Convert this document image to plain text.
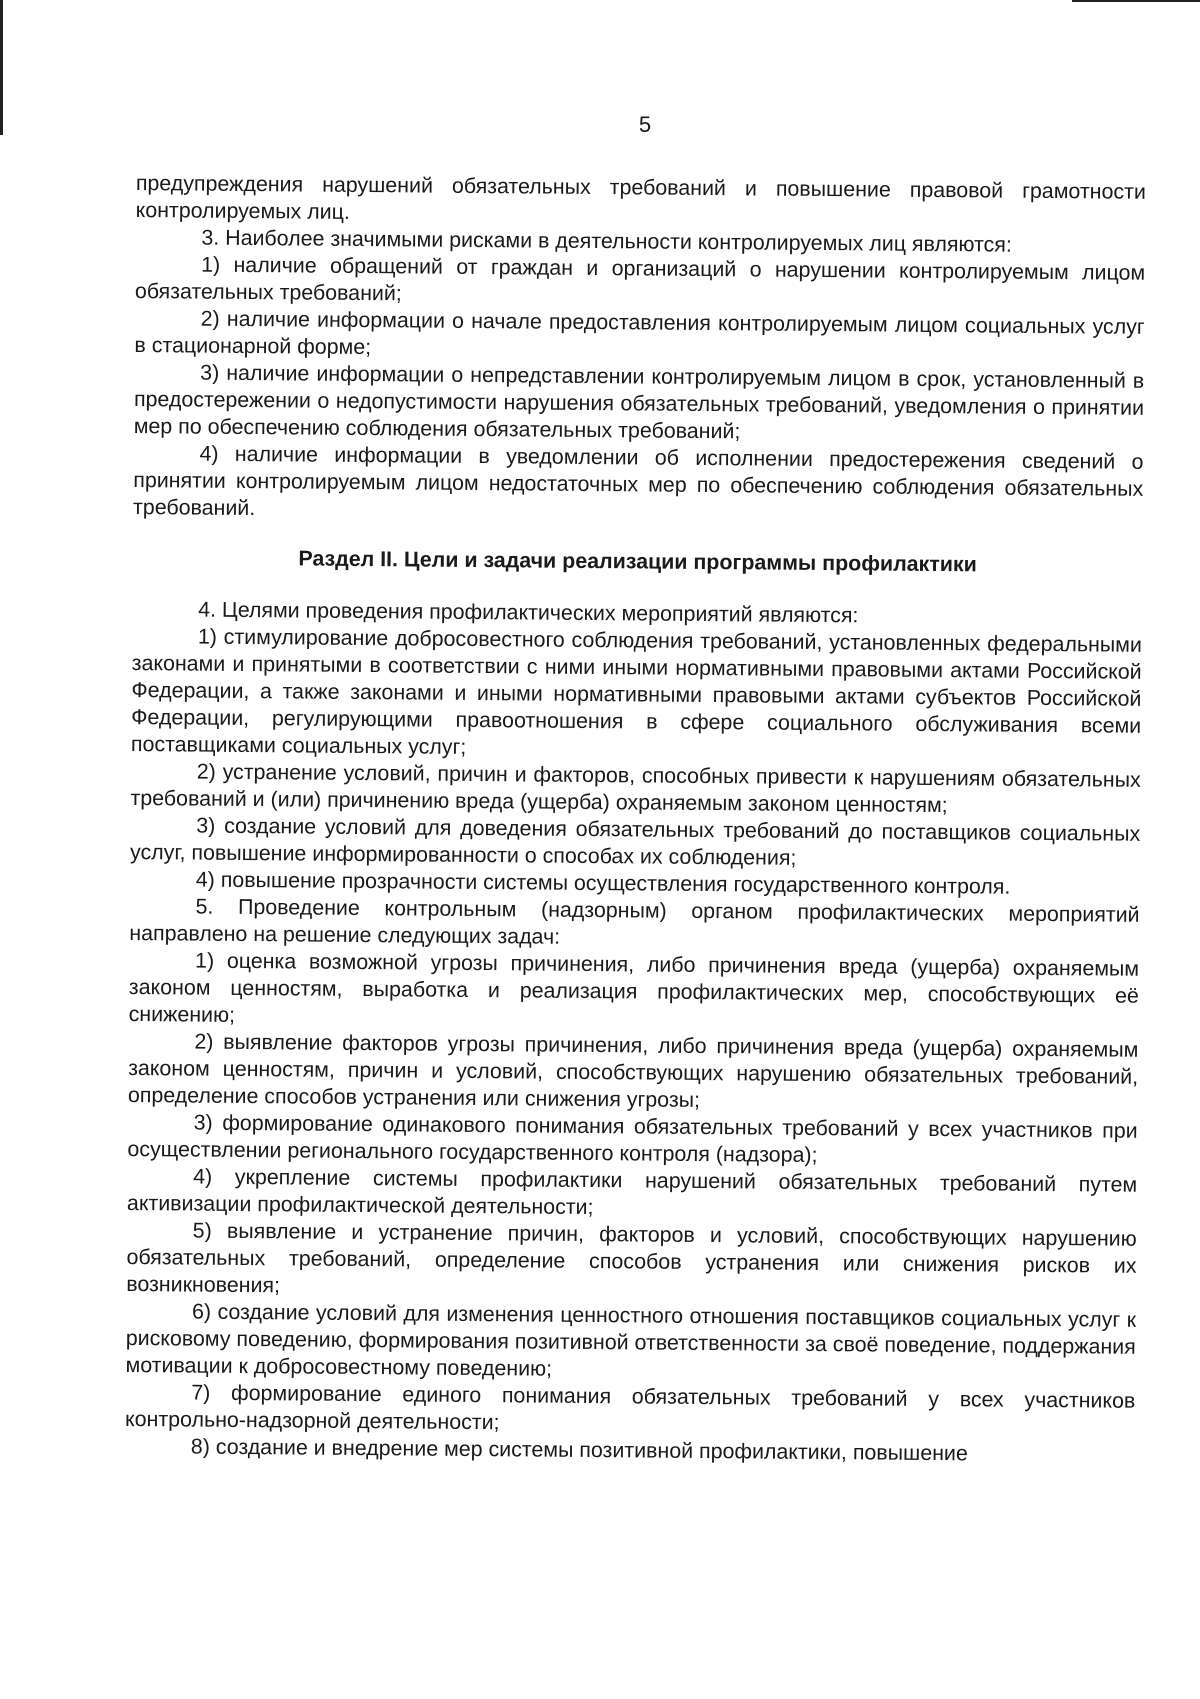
5

предупреждения нарушений обязательных требований и повышение правовой грамотности контролируемых лиц.

3. Наиболее значимыми рисками в деятельности контролируемых лиц являются:

1) наличие обращений от граждан и организаций о нарушении контролируемым лицом обязательных требований;

2) наличие информации о начале предоставления контролируемым лицом социальных услуг в стационарной форме;

3) наличие информации о непредставлении контролируемым лицом в срок, установленный в предостережении о недопустимости нарушения обязательных требований, уведомления о принятии мер по обеспечению соблюдения обязательных требований;

4) наличие информации в уведомлении об исполнении предостережения сведений о принятии контролируемым лицом недостаточных мер по обеспечению соблюдения обязательных требований.

Раздел II. Цели и задачи реализации программы профилактики

4. Целями проведения профилактических мероприятий являются:

1) стимулирование добросовестного соблюдения требований, установленных федеральными законами и принятыми в соответствии с ними иными нормативными правовыми актами Российской Федерации, а также законами и иными нормативными правовыми актами субъектов Российской Федерации, регулирующими правоотношения в сфере социального обслуживания всеми поставщиками социальных услуг;

2) устранение условий, причин и факторов, способных привести к нарушениям обязательных требований и (или) причинению вреда (ущерба) охраняемым законом ценностям;

3) создание условий для доведения обязательных требований до поставщиков социальных услуг, повышение информированности о способах их соблюдения;

4) повышение прозрачности системы осуществления государственного контроля.

5. Проведение контрольным (надзорным) органом профилактических мероприятий направлено на решение следующих задач:

1) оценка возможной угрозы причинения, либо причинения вреда (ущерба) охраняемым законом ценностям, выработка и реализация профилактических мер, способствующих её снижению;

2) выявление факторов угрозы причинения, либо причинения вреда (ущерба) охраняемым законом ценностям, причин и условий, способствующих нарушению обязательных требований, определение способов устранения или снижения угрозы;

3) формирование одинакового понимания обязательных требований у всех участников при осуществлении регионального государственного контроля (надзора);

4) укрепление системы профилактики нарушений обязательных требований путем активизации профилактической деятельности;

5) выявление и устранение причин, факторов и условий, способствующих нарушению обязательных требований, определение способов устранения или снижения рисков их возникновения;

6) создание условий для изменения ценностного отношения поставщиков социальных услуг к рисковому поведению, формирования позитивной ответственности за своё поведение, поддержания мотивации к добросовестному поведению;

7) формирование единого понимания обязательных требований у всех участников контрольно-надзорной деятельности;

8) создание и внедрение мер системы позитивной профилактики, повышение
